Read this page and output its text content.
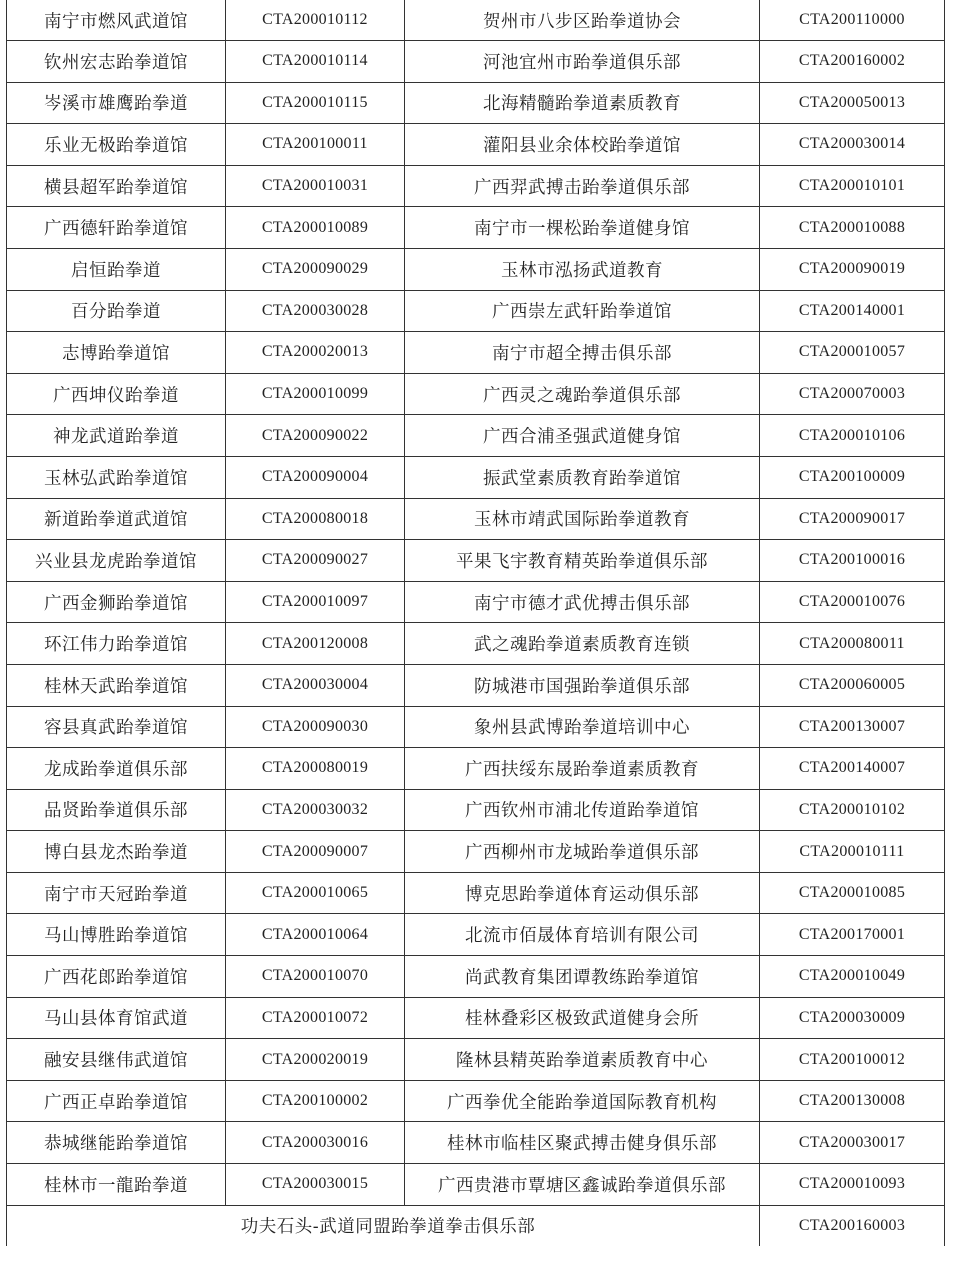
南宁市燃风武道馆	CTA200010112	贺州市八步区跆拳道协会	CTA200110000
钦州宏志跆拳道馆	CTA200010114	河池宜州市跆拳道俱乐部	CTA200160002
岑溪市雄鹰跆拳道	CTA200010115	北海精髓跆拳道素质教育	CTA200050013
乐业无极跆拳道馆	CTA200100011	灌阳县业余体校跆拳道馆	CTA200030014
横县超军跆拳道馆	CTA200010031	广西羿武搏击跆拳道俱乐部	CTA200010101
广西德轩跆拳道馆	CTA200010089	南宁市一棵松跆拳道健身馆	CTA200010088
启恒跆拳道	CTA200090029	玉林市泓扬武道教育	CTA200090019
百分跆拳道	CTA200030028	广西崇左武轩跆拳道馆	CTA200140001
志博跆拳道馆	CTA200020013	南宁市超全搏击俱乐部	CTA200010057
广西坤仪跆拳道	CTA200010099	广西灵之魂跆拳道俱乐部	CTA200070003
神龙武道跆拳道	CTA200090022	广西合浦圣强武道健身馆	CTA200010106
玉林弘武跆拳道馆	CTA200090004	振武堂素质教育跆拳道馆	CTA200100009
新道跆拳道武道馆	CTA200080018	玉林市靖武国际跆拳道教育	CTA200090017
兴业县龙虎跆拳道馆	CTA200090027	平果飞宇教育精英跆拳道俱乐部	CTA200100016
广西金狮跆拳道馆	CTA200010097	南宁市德才武优搏击俱乐部	CTA200010076
环江伟力跆拳道馆	CTA200120008	武之魂跆拳道素质教育连锁	CTA200080011
桂林天武跆拳道馆	CTA200030004	防城港市国强跆拳道俱乐部	CTA200060005
容县真武跆拳道馆	CTA200090030	象州县武博跆拳道培训中心	CTA200130007
龙成跆拳道俱乐部	CTA200080019	广西扶绥东晟跆拳道素质教育	CTA200140007
品贤跆拳道俱乐部	CTA200030032	广西钦州市浦北传道跆拳道馆	CTA200010102
博白县龙杰跆拳道	CTA200090007	广西柳州市龙城跆拳道俱乐部	CTA200010111
南宁市天冠跆拳道	CTA200010065	博克思跆拳道体育运动俱乐部	CTA200010085
马山博胜跆拳道馆	CTA200010064	北流市佰晟体育培训有限公司	CTA200170001
广西花郎跆拳道馆	CTA200010070	尚武教育集团谭教练跆拳道馆	CTA200010049
马山县体育馆武道	CTA200010072	桂林叠彩区极致武道健身会所	CTA200030009
融安县继伟武道馆	CTA200020019	隆林县精英跆拳道素质教育中心	CTA200100012
广西正卓跆拳道馆	CTA200100002	广西拳优全能跆拳道国际教育机构	CTA200130008
恭城继能跆拳道馆	CTA200030016	桂林市临桂区聚武搏击健身俱乐部	CTA200030017
桂林市一龍跆拳道	CTA200030015	广西贵港市覃塘区鑫诚跆拳道俱乐部	CTA200010093
功夫石头-武道同盟跆拳道拳击俱乐部			CTA200160003
